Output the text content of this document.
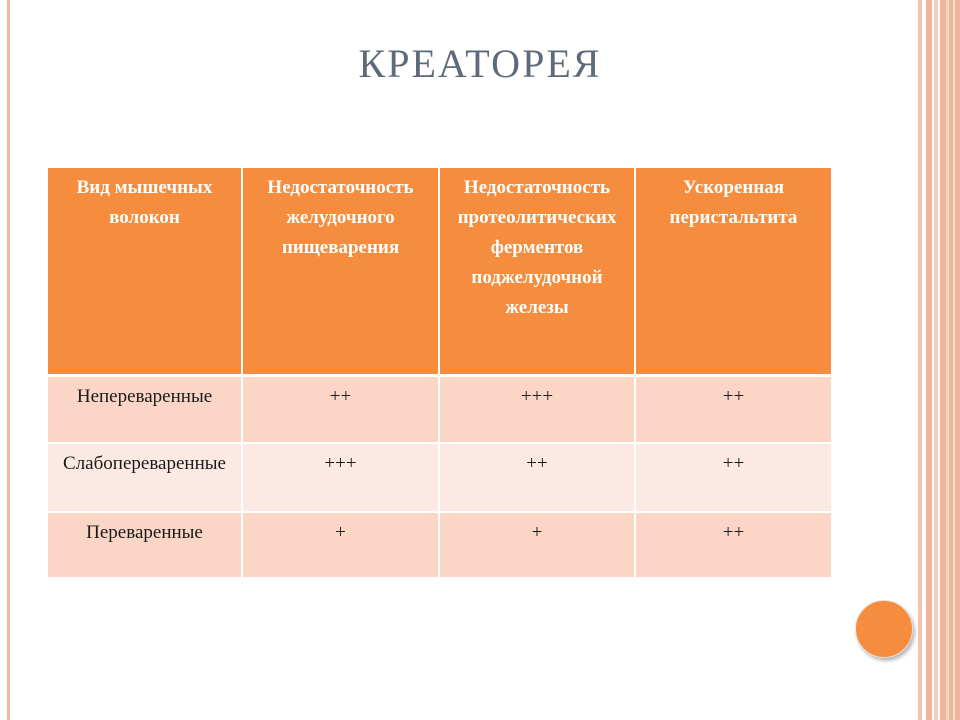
КРЕАТОРЕЯ
Вид мышечных волокон	Недостаточность желудочного пищеварения	Недостаточность протеолитических ферментов поджелудочной железы	Ускоренная перистальтита
Непереваренные	++	+++	++
Слабопереваренные	+++	++	++
Переваренные	+	+	++
